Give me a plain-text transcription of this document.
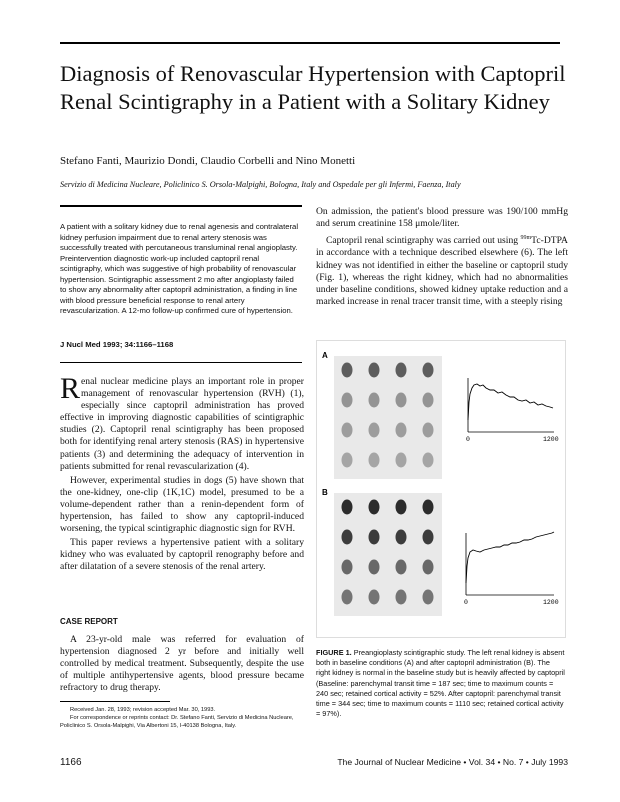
Diagnosis of Renovascular Hypertension with Captopril Renal Scintigraphy in a Patient with a Solitary Kidney
Stefano Fanti, Maurizio Dondi, Claudio Corbelli and Nino Monetti
Servizio di Medicina Nucleare, Policlinico S. Orsola-Malpighi, Bologna, Italy and Ospedale per gli Infermi, Faenza, Italy
A patient with a solitary kidney due to renal agenesis and contralateral kidney perfusion impairment due to renal artery stenosis was successfully treated with percutaneous transluminal renal angioplasty. Preintervention diagnostic work-up included captopril renal scintigraphy, which was suggestive of high probability of renovascular hypertension. Scintigraphic assessment 2 mo after angioplasty failed to show any abnormality after captopril administration, a finding in line with blood pressure beneficial response to renal artery revascularization. A 12-mo follow-up confirmed cure of hypertension.
J Nucl Med 1993; 34:1166–1168

Renal nuclear medicine plays an important role in proper management of renovascular hypertension (RVH) (1), especially since captopril administration has proved effective in improving diagnostic capabilities of scintigraphic studies (2). Captopril renal scintigraphy has been proposed both for identifying renal artery stenosis (RAS) in hypertensive patients (3) and determining the adequacy of intervention in patients submitted for renal revascularization (4).

However, experimental studies in dogs (5) have shown that the one-kidney, one-clip (1K,1C) model, presumed to be a volume-dependent rather than a renin-dependent form of hypertension, has failed to show any captopril-induced worsening, the typical scintigraphic diagnostic sign for RVH.

This paper reviews a hypertensive patient with a solitary kidney who was evaluated by captopril renography before and after dilatation of a severe stenosis of the renal artery.

CASE REPORT

A 23-yr-old male was referred for evaluation of hypertension diagnosed 2 yr before and initially well controlled by medical treatment. Subsequently, despite the use of multiple antihypertensive agents, blood pressure became refractory to drug therapy.

Received Jan. 28, 1993; revision accepted Mar. 30, 1993.
For correspondence or reprints contact: Dr. Stefano Fanti, Servizio di Medicina Nucleare, Policlinico S. Orsola-Malpighi, Via Albertoni 15, I-40138 Bologna, Italy.

On admission, the patient's blood pressure was 190/100 mmHg and serum creatinine 158 μmole/liter.

Captopril renal scintigraphy was carried out using $^{99m}$Tc-DTPA in accordance with a technique described elsewhere (6). The left kidney was not identified in either the baseline or captopril study (Fig. 1), whereas the right kidney, which had no abnormalities under baseline conditions, showed kidney uptake reduction and a marked increase in renal tracer transit time, with a steeply rising

A
B
0	1200
0	1200
FIGURE 1. Preangioplasty scintigraphic study. The left renal kidney is absent both in baseline conditions (A) and after captopril administration (B). The right kidney is normal in the baseline study but is heavily affected by captopril (Baseline: parenchymal transit time = 187 sec; time to maximum counts = 240 sec; retained cortical activity = 52%. After captopril: parenchymal transit time = 344 sec; time to maximum counts = 1110 sec; retained cortical activity = 97%).
1166	The Journal of Nuclear Medicine • Vol. 34 • No. 7 • July 1993
